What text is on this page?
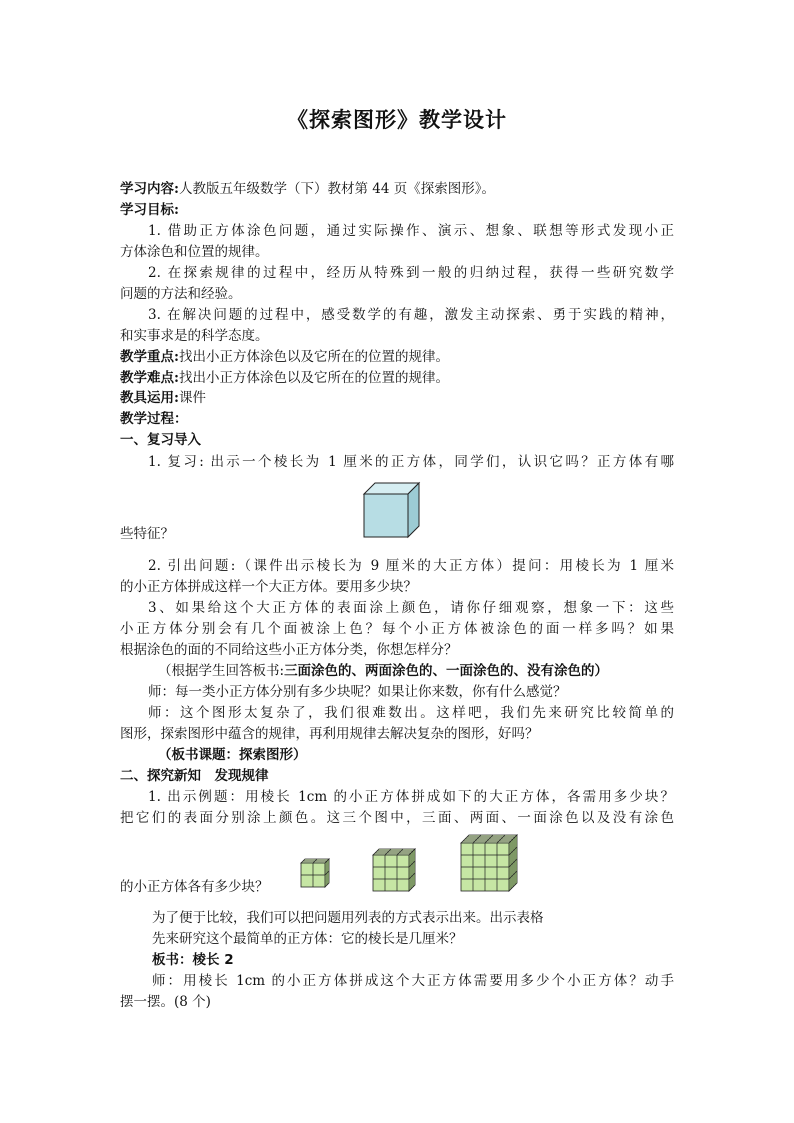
《探索图形》教学设计
学习内容:人教版五年级数学（下）教材第 44 页《探索图形》。
学习目标:
1. 借助正方体涂色问题，通过实际操作、演示、想象、联想等形式发现小正
方体涂色和位置的规律。
2. 在探索规律的过程中，经历从特殊到一般的归纳过程，获得一些研究数学
问题的方法和经验。
3. 在解决问题的过程中，感受数学的有趣，激发主动探索、勇于实践的精神，
和实事求是的科学态度。
教学重点:找出小正方体涂色以及它所在的位置的规律。
教学难点:找出小正方体涂色以及它所在的位置的规律。
教具运用:课件
教学过程：
一、复习导入
1. 复习: 出示一个棱长为 1 厘米的正方体，同学们，认识它吗？正方体有哪
些特征？
2. 引出问题:（课件出示棱长为 9 厘米的大正方体）提问：用棱长为 1 厘米
的小正方体拼成这样一个大正方体。要用多少块？
3、如果给这个大正方体的表面涂上颜色，请你仔细观察，想象一下：这些
小正方体分别会有几个面被涂上色？每个小正方体被涂色的面一样多吗？如果
根据涂色的面的不同给这些小正方体分类，你想怎样分？
（根据学生回答板书:三面涂色的、两面涂色的、一面涂色的、没有涂色的）
师：每一类小正方体分别有多少块呢？如果让你来数，你有什么感觉？
师：这个图形太复杂了，我们很难数出。这样吧，我们先来研究比较简单的
图形，探索图形中蕴含的规律，再利用规律去解决复杂的图形，好吗？
（板书课题：探索图形）
二、探究新知　发现规律
1. 出示例题：用棱长 1cm 的小正方体拼成如下的大正方体，各需用多少块？
把它们的表面分别涂上颜色。这三个图中，三面、两面、一面涂色以及没有涂色
的小正方体各有多少块？
为了便于比较，我们可以把问题用列表的方式表示出来。出示表格
先来研究这个最简单的正方体：它的棱长是几厘米？
板书：棱长 2
师：用棱长 1cm 的小正方体拼成这个大正方体需要用多少个小正方体？动手
摆一摆。(8 个)
